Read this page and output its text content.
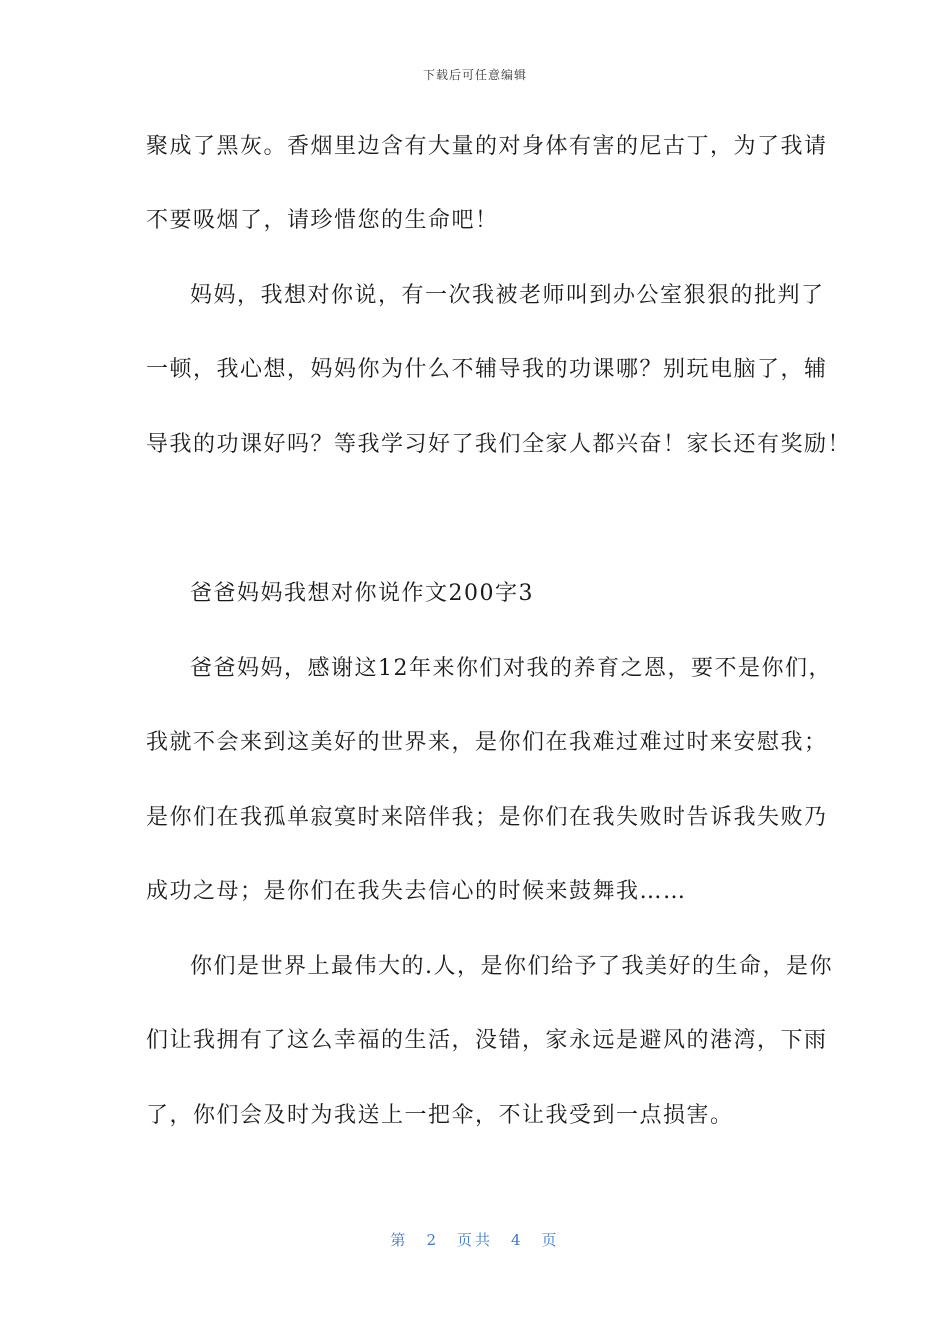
下载后可任意编辑
聚成了黑灰。香烟里边含有大量的对身体有害的尼古丁，为了我请
不要吸烟了，请珍惜您的生命吧！
妈妈，我想对你说，有一次我被老师叫到办公室狠狠的批判了
一顿，我心想，妈妈你为什么不辅导我的功课哪？别玩电脑了，辅
导我的功课好吗？等我学习好了我们全家人都兴奋！家长还有奖励！
爸爸妈妈我想对你说作文200字3
爸爸妈妈，感谢这12年来你们对我的养育之恩，要不是你们，
我就不会来到这美好的世界来，是你们在我难过难过时来安慰我；
是你们在我孤单寂寞时来陪伴我；是你们在我失败时告诉我失败乃
成功之母；是你们在我失去信心的时候来鼓舞我……
你们是世界上最伟大的.人，是你们给予了我美好的生命，是你
们让我拥有了这么幸福的生活，没错，家永远是避风的港湾，下雨
了，你们会及时为我送上一把伞，不让我受到一点损害。
第 2 页共 4 页
